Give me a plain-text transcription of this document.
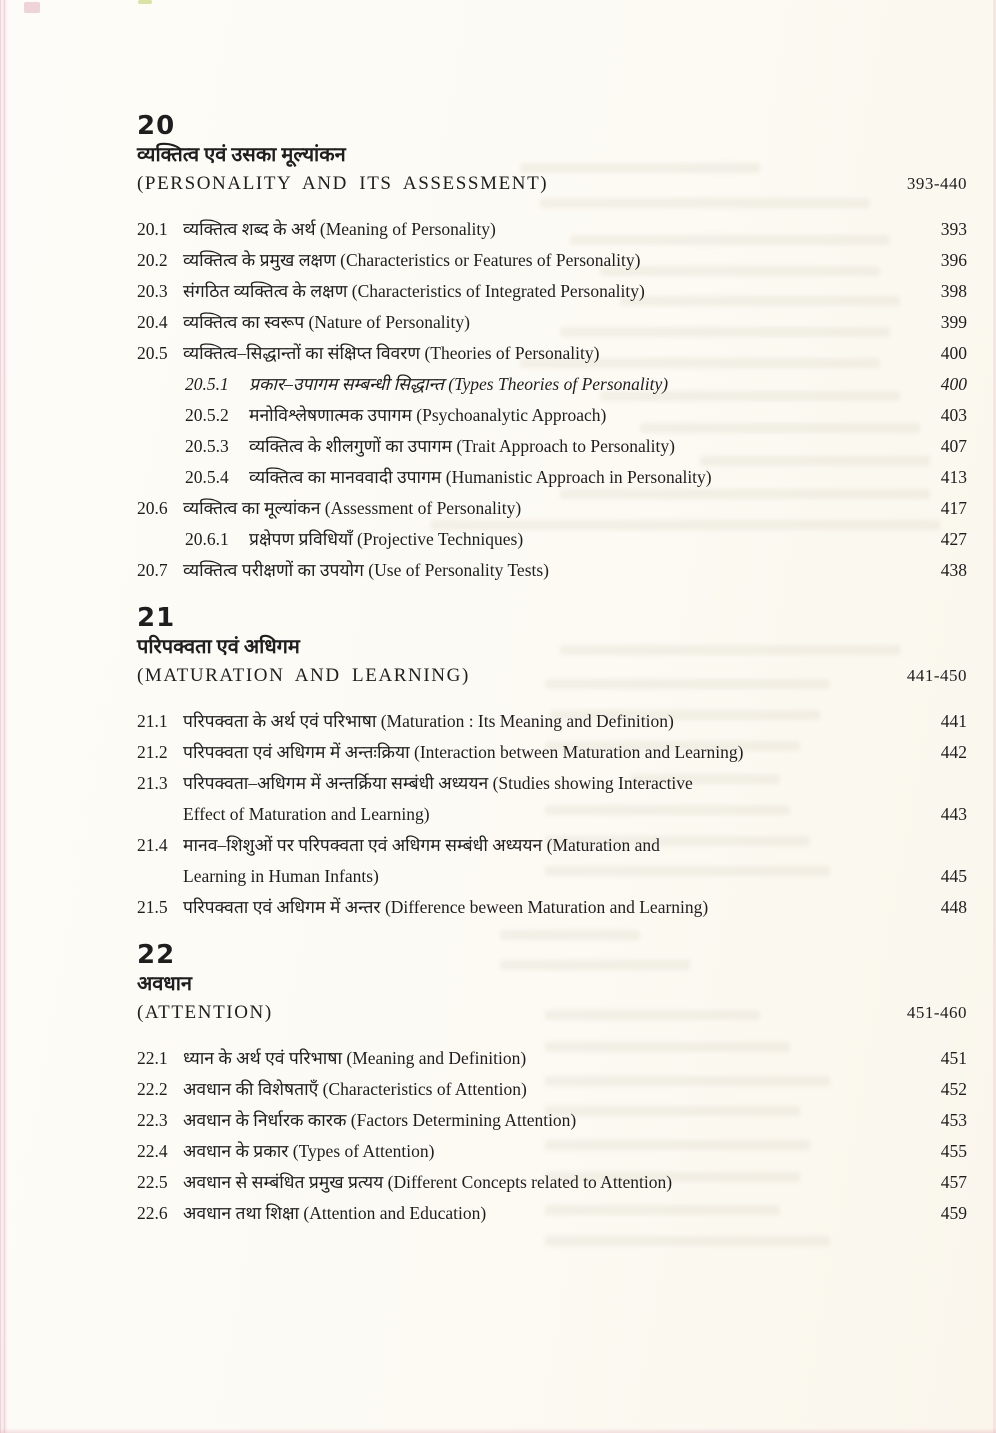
20
व्यक्तित्व एवं उसका मूल्यांकन
(PERSONALITY AND ITS ASSESSMENT)	393-440
20.1 व्यक्तित्व शब्द के अर्थ (Meaning of Personality)	393
20.2 व्यक्तित्व के प्रमुख लक्षण (Characteristics or Features of Personality)	396
20.3 संगठित व्यक्तित्व के लक्षण (Characteristics of Integrated Personality)	398
20.4 व्यक्तित्व का स्वरूप (Nature of Personality)	399
20.5 व्यक्तित्व–सिद्धान्तों का संक्षिप्त विवरण (Theories of Personality)	400
20.5.1	प्रकार–उपागम सम्बन्धी सिद्धान्त (Types Theories of Personality)	400
20.5.2	मनोविश्लेषणात्मक उपागम (Psychoanalytic Approach)	403
20.5.3	व्यक्तित्व के शीलगुणों का उपागम (Trait Approach to Personality)	407
20.5.4	व्यक्तित्व का मानववादी उपागम (Humanistic Approach in Personality)	413
20.6 व्यक्तित्व का मूल्यांकन (Assessment of Personality)	417
20.6.1	प्रक्षेपण प्रविधियाँ (Projective Techniques)	427
20.7 व्यक्तित्व परीक्षणों का उपयोग (Use of Personality Tests)	438
21
परिपक्वता एवं अधिगम
(MATURATION AND LEARNING)	441-450
21.1 परिपक्वता के अर्थ एवं परिभाषा (Maturation : Its Meaning and Definition)	441
21.2 परिपक्वता एवं अधिगम में अन्तःक्रिया (Interaction between Maturation and Learning)	442
21.3 परिपक्वता–अधिगम में अन्तर्क्रिया सम्बंधी अध्ययन (Studies showing Interactive
Effect of Maturation and Learning)	443
21.4 मानव–शिशुओं पर परिपक्वता एवं अधिगम सम्बंधी अध्ययन (Maturation and
Learning in Human Infants)	445
21.5 परिपक्वता एवं अधिगम में अन्तर (Difference beween Maturation and Learning)	448
22
अवधान
(ATTENTION)	451-460
22.1 ध्यान के अर्थ एवं परिभाषा (Meaning and Definition)	451
22.2 अवधान की विशेषताएँ (Characteristics of Attention)	452
22.3 अवधान के निर्धारक कारक (Factors Determining Attention)	453
22.4 अवधान के प्रकार (Types of Attention)	455
22.5 अवधान से सम्बंधित प्रमुख प्रत्यय (Different Concepts related to Attention)	457
22.6 अवधान तथा शिक्षा (Attention and Education)	459
